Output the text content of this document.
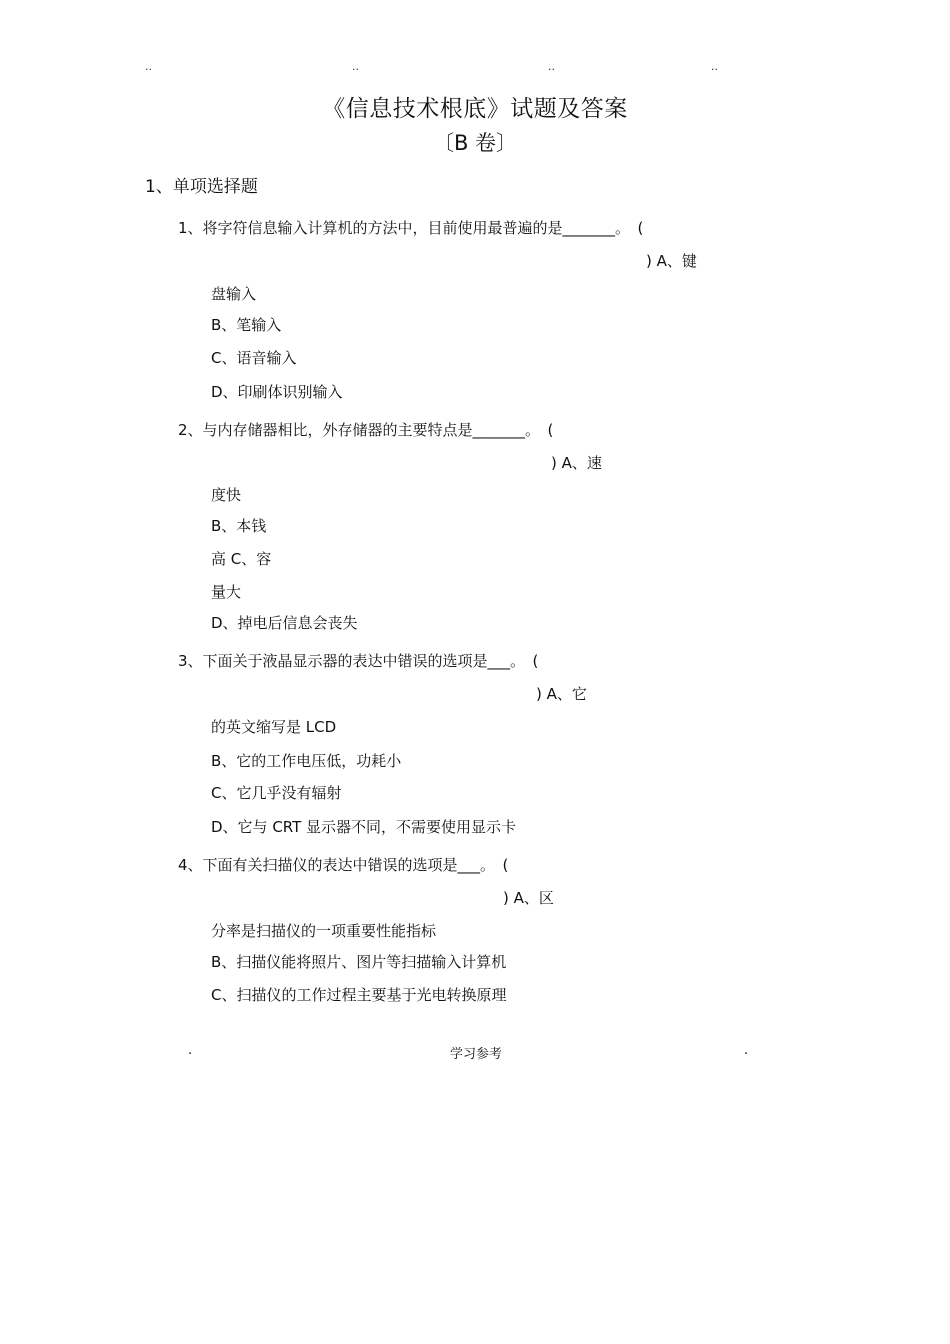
..	..	..	..
《信息技术根底》试题及答案
〔B 卷〕
1、单项选择题
1、将字符信息输入计算机的方法中，目前使用最普遍的是_______。　(
) A、键
盘输入
B、笔输入
C、语音输入
D、印刷体识别输入
2、与内存储器相比，外存储器的主要特点是_______。　(
) A、速
度快
B、本钱
高 C、容
量大
D、掉电后信息会丧失
3、下面关于液晶显示器的表达中错误的选项是___。　(
) A、它
的英文缩写是 LCD
B、它的工作电压低，功耗小
C、它几乎没有辐射
D、它与 CRT 显示器不同，不需要使用显示卡
4、下面有关扫描仪的表达中错误的选项是___。　(
) A、区
分率是扫描仪的一项重要性能指标
B、扫描仪能将照片、图片等扫描输入计算机
C、扫描仪的工作过程主要基于光电转换原理
.	学习参考	.
